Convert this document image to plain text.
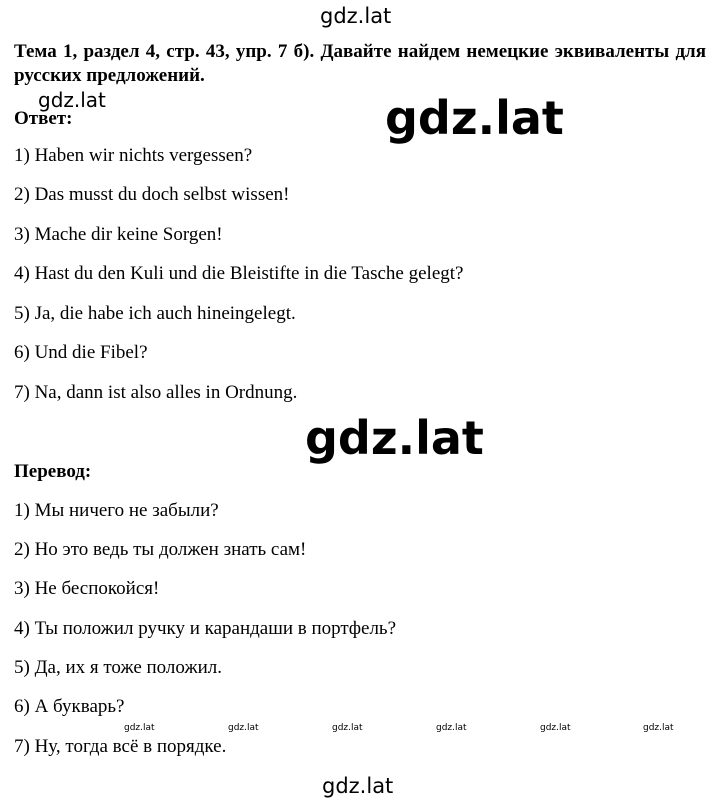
gdz.lat
Тема 1, раздел 4, стр. 43, упр. 7 б). Давайте найдем немецкие эквиваленты для русских предложений.
gdz.lat	gdz.lat
Ответ:
1) Haben wir nichts vergessen?
2) Das musst du doch selbst wissen!
3) Mache dir keine Sorgen!
4) Hast du den Kuli und die Bleistifte in die Tasche gelegt?
5) Ja, die habe ich auch hineingelegt.
6) Und die Fibel?
7) Na, dann ist also alles in Ordnung.
gdz.lat
Перевод:
1) Мы ничего не забыли?
2) Но это ведь ты должен знать сам!
3) Не беспокойся!
4) Ты положил ручку и карандаши в портфель?
5) Да, их я тоже положил.
6) А букварь?
gdz.lat	gdz.lat	gdz.lat	gdz.lat	gdz.lat	gdz.lat
7) Ну, тогда всё в порядке.
gdz.lat
